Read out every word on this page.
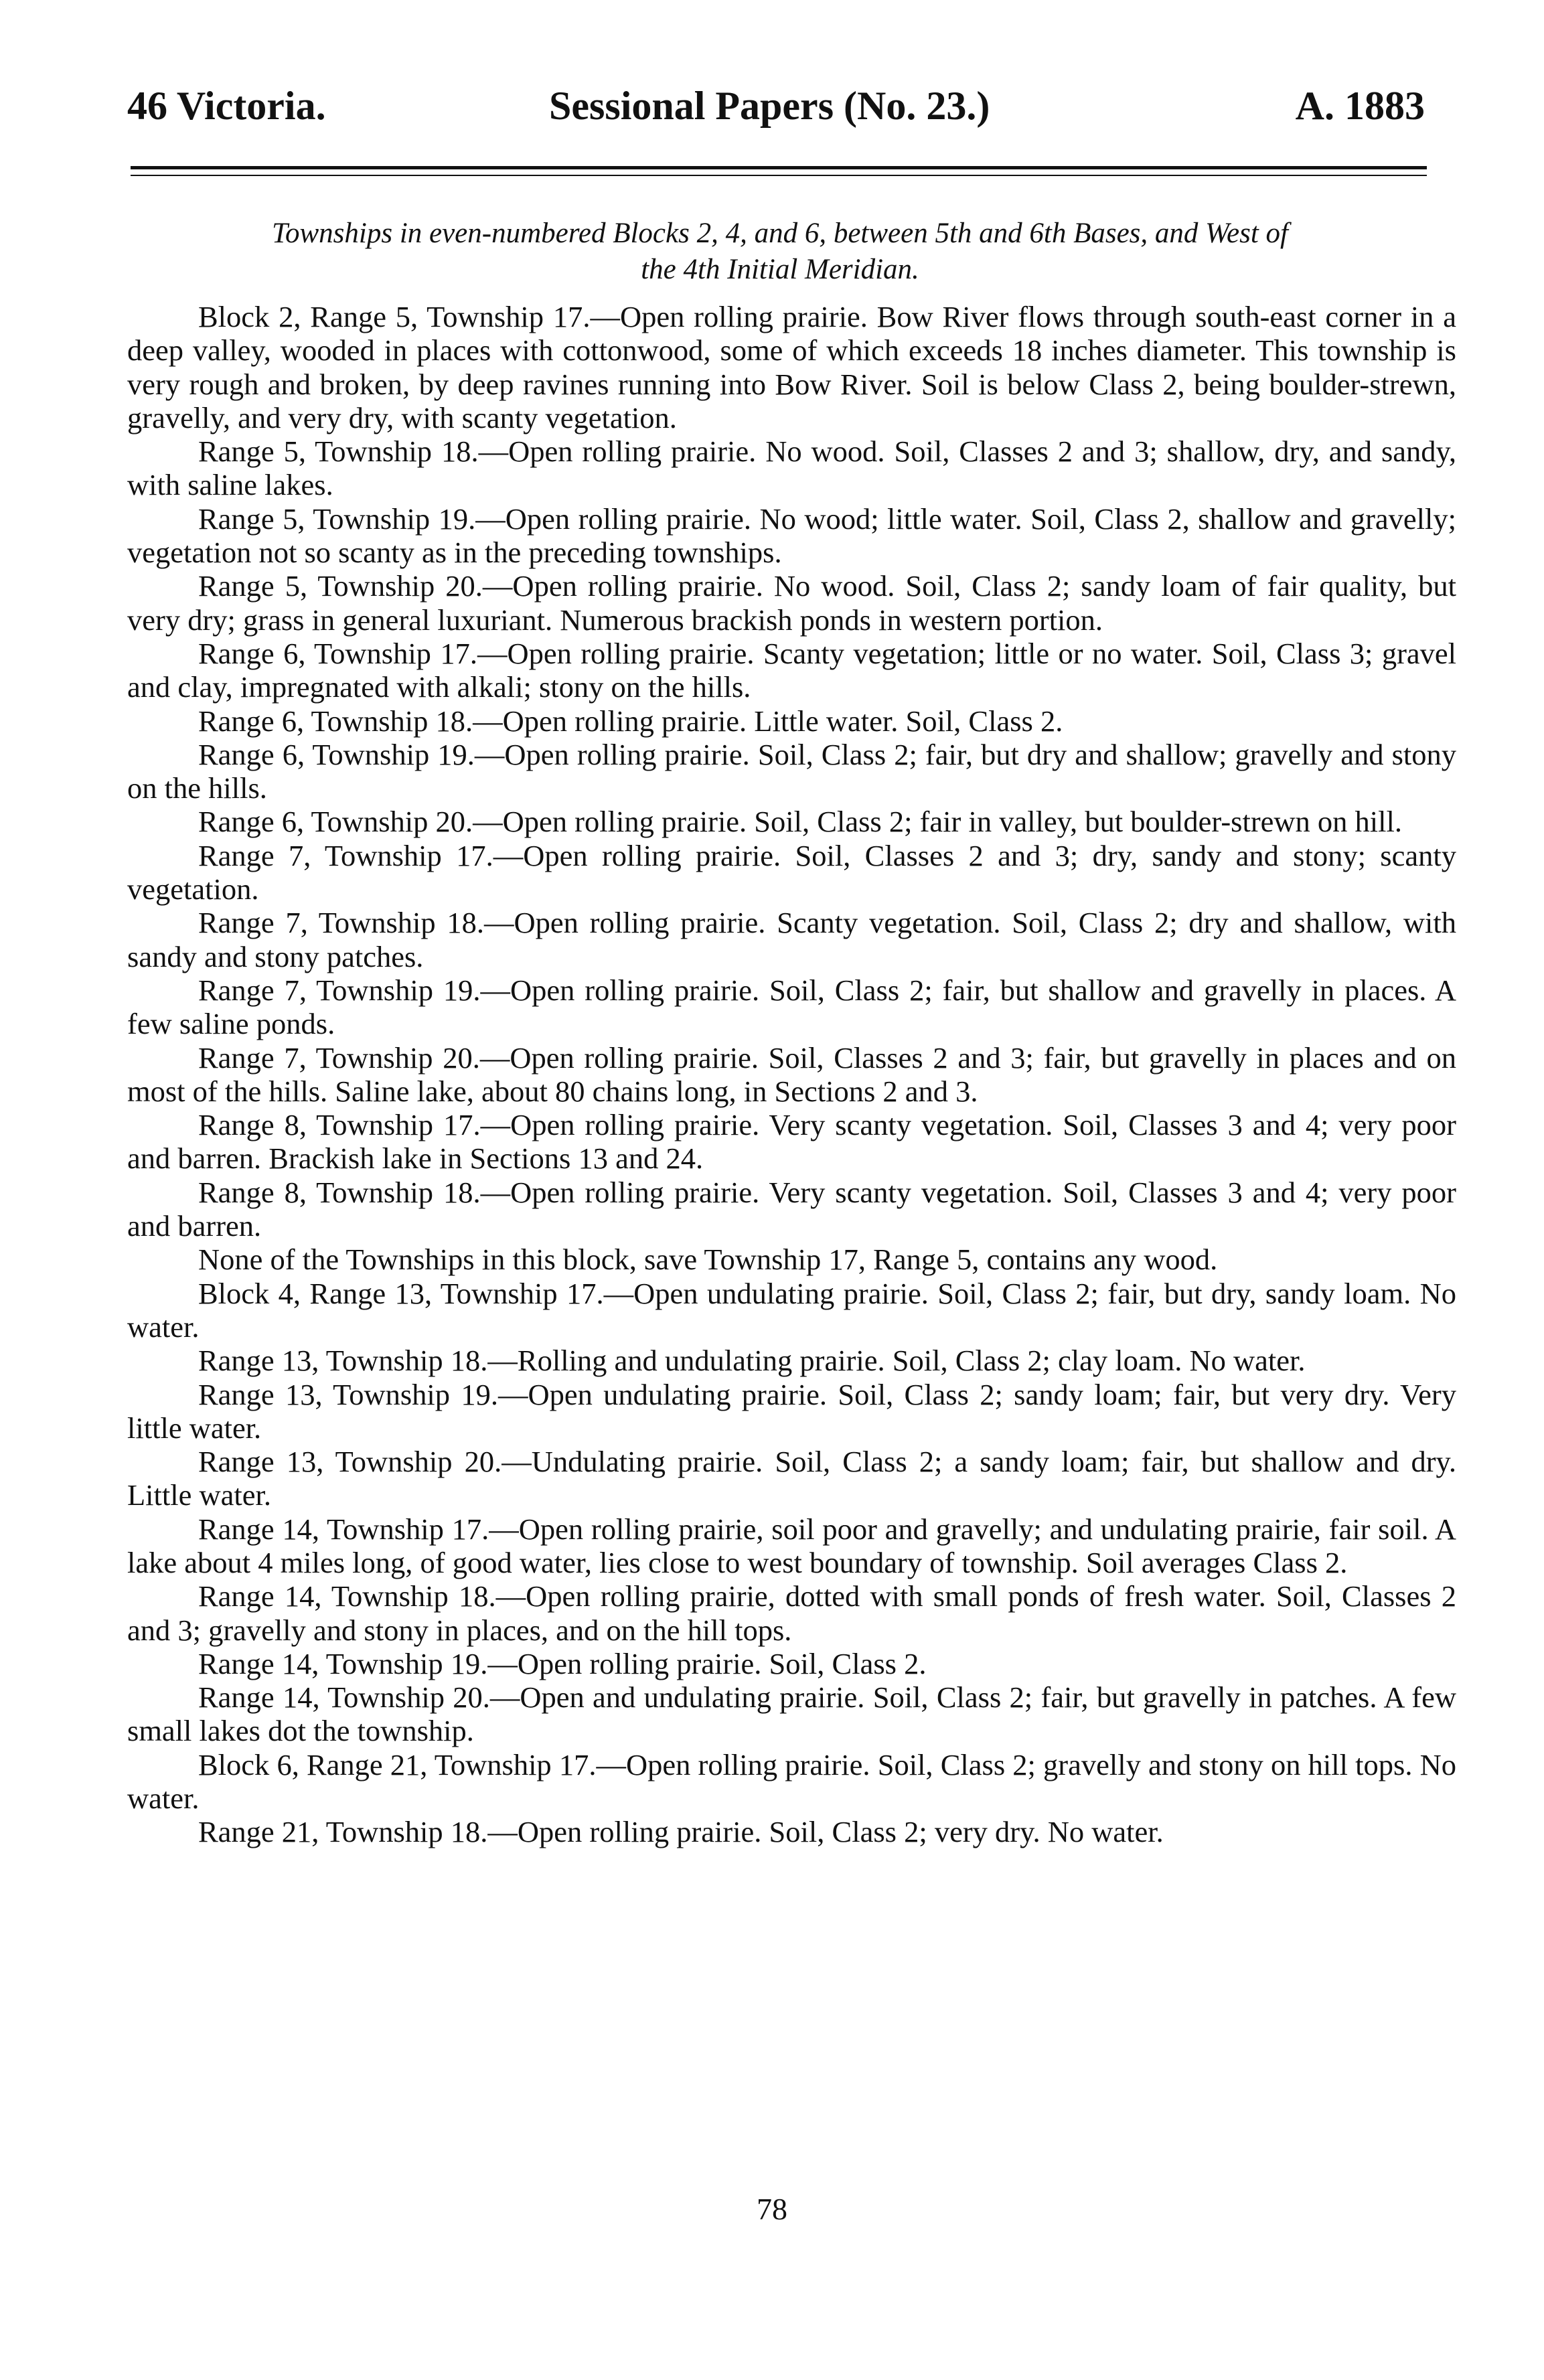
46 Victoria.	Sessional Papers (No. 23.)	A. 1883
Townships in even-numbered Blocks 2, 4, and 6, between 5th and 6th Bases, and West of
the 4th Initial Meridian.

Block 2, Range 5, Township 17.—Open rolling prairie. Bow River flows through south-east corner in a deep valley, wooded in places with cottonwood, some of which exceeds 18 inches diameter. This township is very rough and broken, by deep ravines running into Bow River. Soil is below Class 2, being boulder-strewn, gravelly, and very dry, with scanty vegetation.

Range 5, Township 18.—Open rolling prairie. No wood. Soil, Classes 2 and 3; shallow, dry, and sandy, with saline lakes.

Range 5, Township 19.—Open rolling prairie. No wood; little water. Soil, Class 2, shallow and gravelly; vegetation not so scanty as in the preceding townships.

Range 5, Township 20.—Open rolling prairie. No wood. Soil, Class 2; sandy loam of fair quality, but very dry; grass in general luxuriant. Numerous brackish ponds in western portion.

Range 6, Township 17.—Open rolling prairie. Scanty vegetation; little or no water. Soil, Class 3; gravel and clay, impregnated with alkali; stony on the hills.

Range 6, Township 18.—Open rolling prairie. Little water. Soil, Class 2.

Range 6, Township 19.—Open rolling prairie. Soil, Class 2; fair, but dry and shallow; gravelly and stony on the hills.

Range 6, Township 20.—Open rolling prairie. Soil, Class 2; fair in valley, but boulder-strewn on hill.

Range 7, Township 17.—Open rolling prairie. Soil, Classes 2 and 3; dry, sandy and stony; scanty vegetation.

Range 7, Township 18.—Open rolling prairie. Scanty vegetation. Soil, Class 2; dry and shallow, with sandy and stony patches.

Range 7, Township 19.—Open rolling prairie. Soil, Class 2; fair, but shallow and gravelly in places. A few saline ponds.

Range 7, Township 20.—Open rolling prairie. Soil, Classes 2 and 3; fair, but gravelly in places and on most of the hills. Saline lake, about 80 chains long, in Sections 2 and 3.

Range 8, Township 17.—Open rolling prairie. Very scanty vegetation. Soil, Classes 3 and 4; very poor and barren. Brackish lake in Sections 13 and 24.

Range 8, Township 18.—Open rolling prairie. Very scanty vegetation. Soil, Classes 3 and 4; very poor and barren.

None of the Townships in this block, save Township 17, Range 5, contains any wood.

Block 4, Range 13, Township 17.—Open undulating prairie. Soil, Class 2; fair, but dry, sandy loam. No water.

Range 13, Township 18.—Rolling and undulating prairie. Soil, Class 2; clay loam. No water.

Range 13, Township 19.—Open undulating prairie. Soil, Class 2; sandy loam; fair, but very dry. Very little water.

Range 13, Township 20.—Undulating prairie. Soil, Class 2; a sandy loam; fair, but shallow and dry. Little water.

Range 14, Township 17.—Open rolling prairie, soil poor and gravelly; and undulating prairie, fair soil. A lake about 4 miles long, of good water, lies close to west boundary of township. Soil averages Class 2.

Range 14, Township 18.—Open rolling prairie, dotted with small ponds of fresh water. Soil, Classes 2 and 3; gravelly and stony in places, and on the hill tops.

Range 14, Township 19.—Open rolling prairie. Soil, Class 2.

Range 14, Township 20.—Open and undulating prairie. Soil, Class 2; fair, but gravelly in patches. A few small lakes dot the township.

Block 6, Range 21, Township 17.—Open rolling prairie. Soil, Class 2; gravelly and stony on hill tops. No water.

Range 21, Township 18.—Open rolling prairie. Soil, Class 2; very dry. No water.

78
